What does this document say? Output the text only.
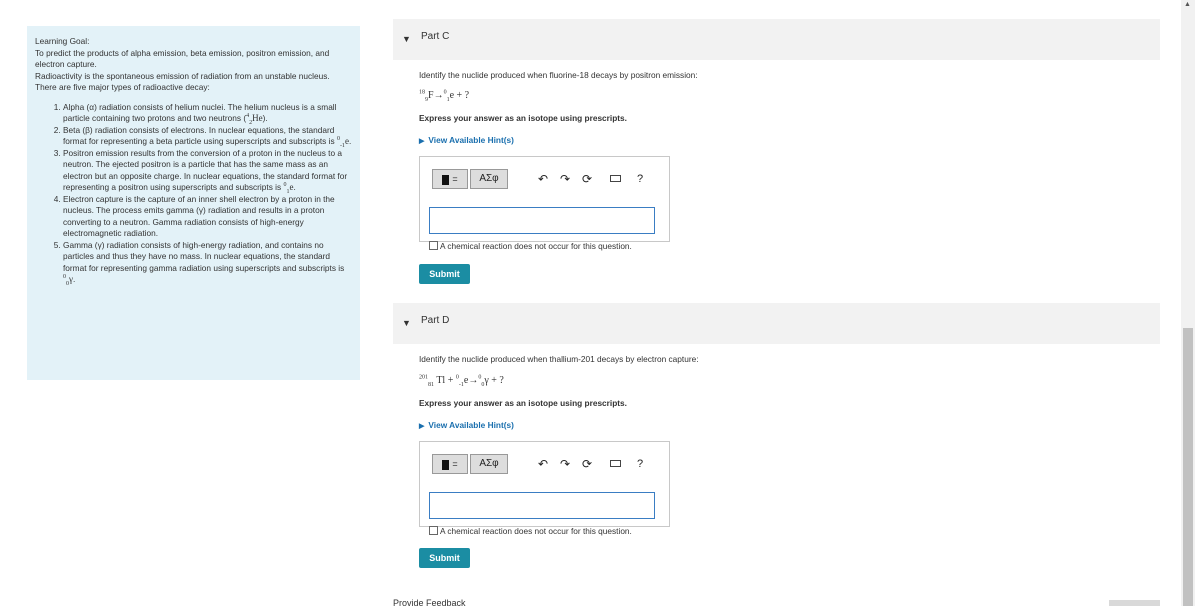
Learning Goal:

To predict the products of alpha emission, beta emission, positron emission, and electron capture.

Radioactivity is the spontaneous emission of radiation from an unstable nucleus. There are five major types of radioactive decay:

1. Alpha (α) radiation consists of helium nuclei. The helium nucleus is a small particle containing two protons and two neutrons ($^4_2$He).
2. Beta (β) radiation consists of electrons. In nuclear equations, the standard format for representing a beta particle using superscripts and subscripts is $^0_{-1}$e.
3. Positron emission results from the conversion of a proton in the nucleus to a neutron. The ejected positron is a particle that has the same mass as an electron but an opposite charge. In nuclear equations, the standard format for representing a positron using superscripts and subscripts is $^0_1$e.
4. Electron capture is the capture of an inner shell electron by a proton in the nucleus. The process emits gamma (γ) radiation and results in a proton converting to a neutron. Gamma radiation consists of high-energy electromagnetic radiation.
5. Gamma (γ) radiation consists of high-energy radiation, and contains no particles and thus they have no mass. In nuclear equations, the standard format for representing gamma radiation using superscripts and subscripts is $^0_0$γ.
▼ Part C
Identify the nuclide produced when fluorine-18 decays by positron emission:
$^{18}_9$F→$^0_1$e + ?
Express your answer as an isotope using prescripts.
▶ View Available Hint(s)
=	ΑΣφ	↶ ↷ ⟳	?
A chemical reaction does not occur for this question.
Submit
▼ Part D
Identify the nuclide produced when thallium-201 decays by electron capture:
$^{201}_{81}$ Tl + $^0_{-1}$e→$^0_0$γ + ?
Express your answer as an isotope using prescripts.
▶ View Available Hint(s)
=	ΑΣφ	↶ ↷ ⟳	?
A chemical reaction does not occur for this question.
Submit
Provide Feedback
▲
